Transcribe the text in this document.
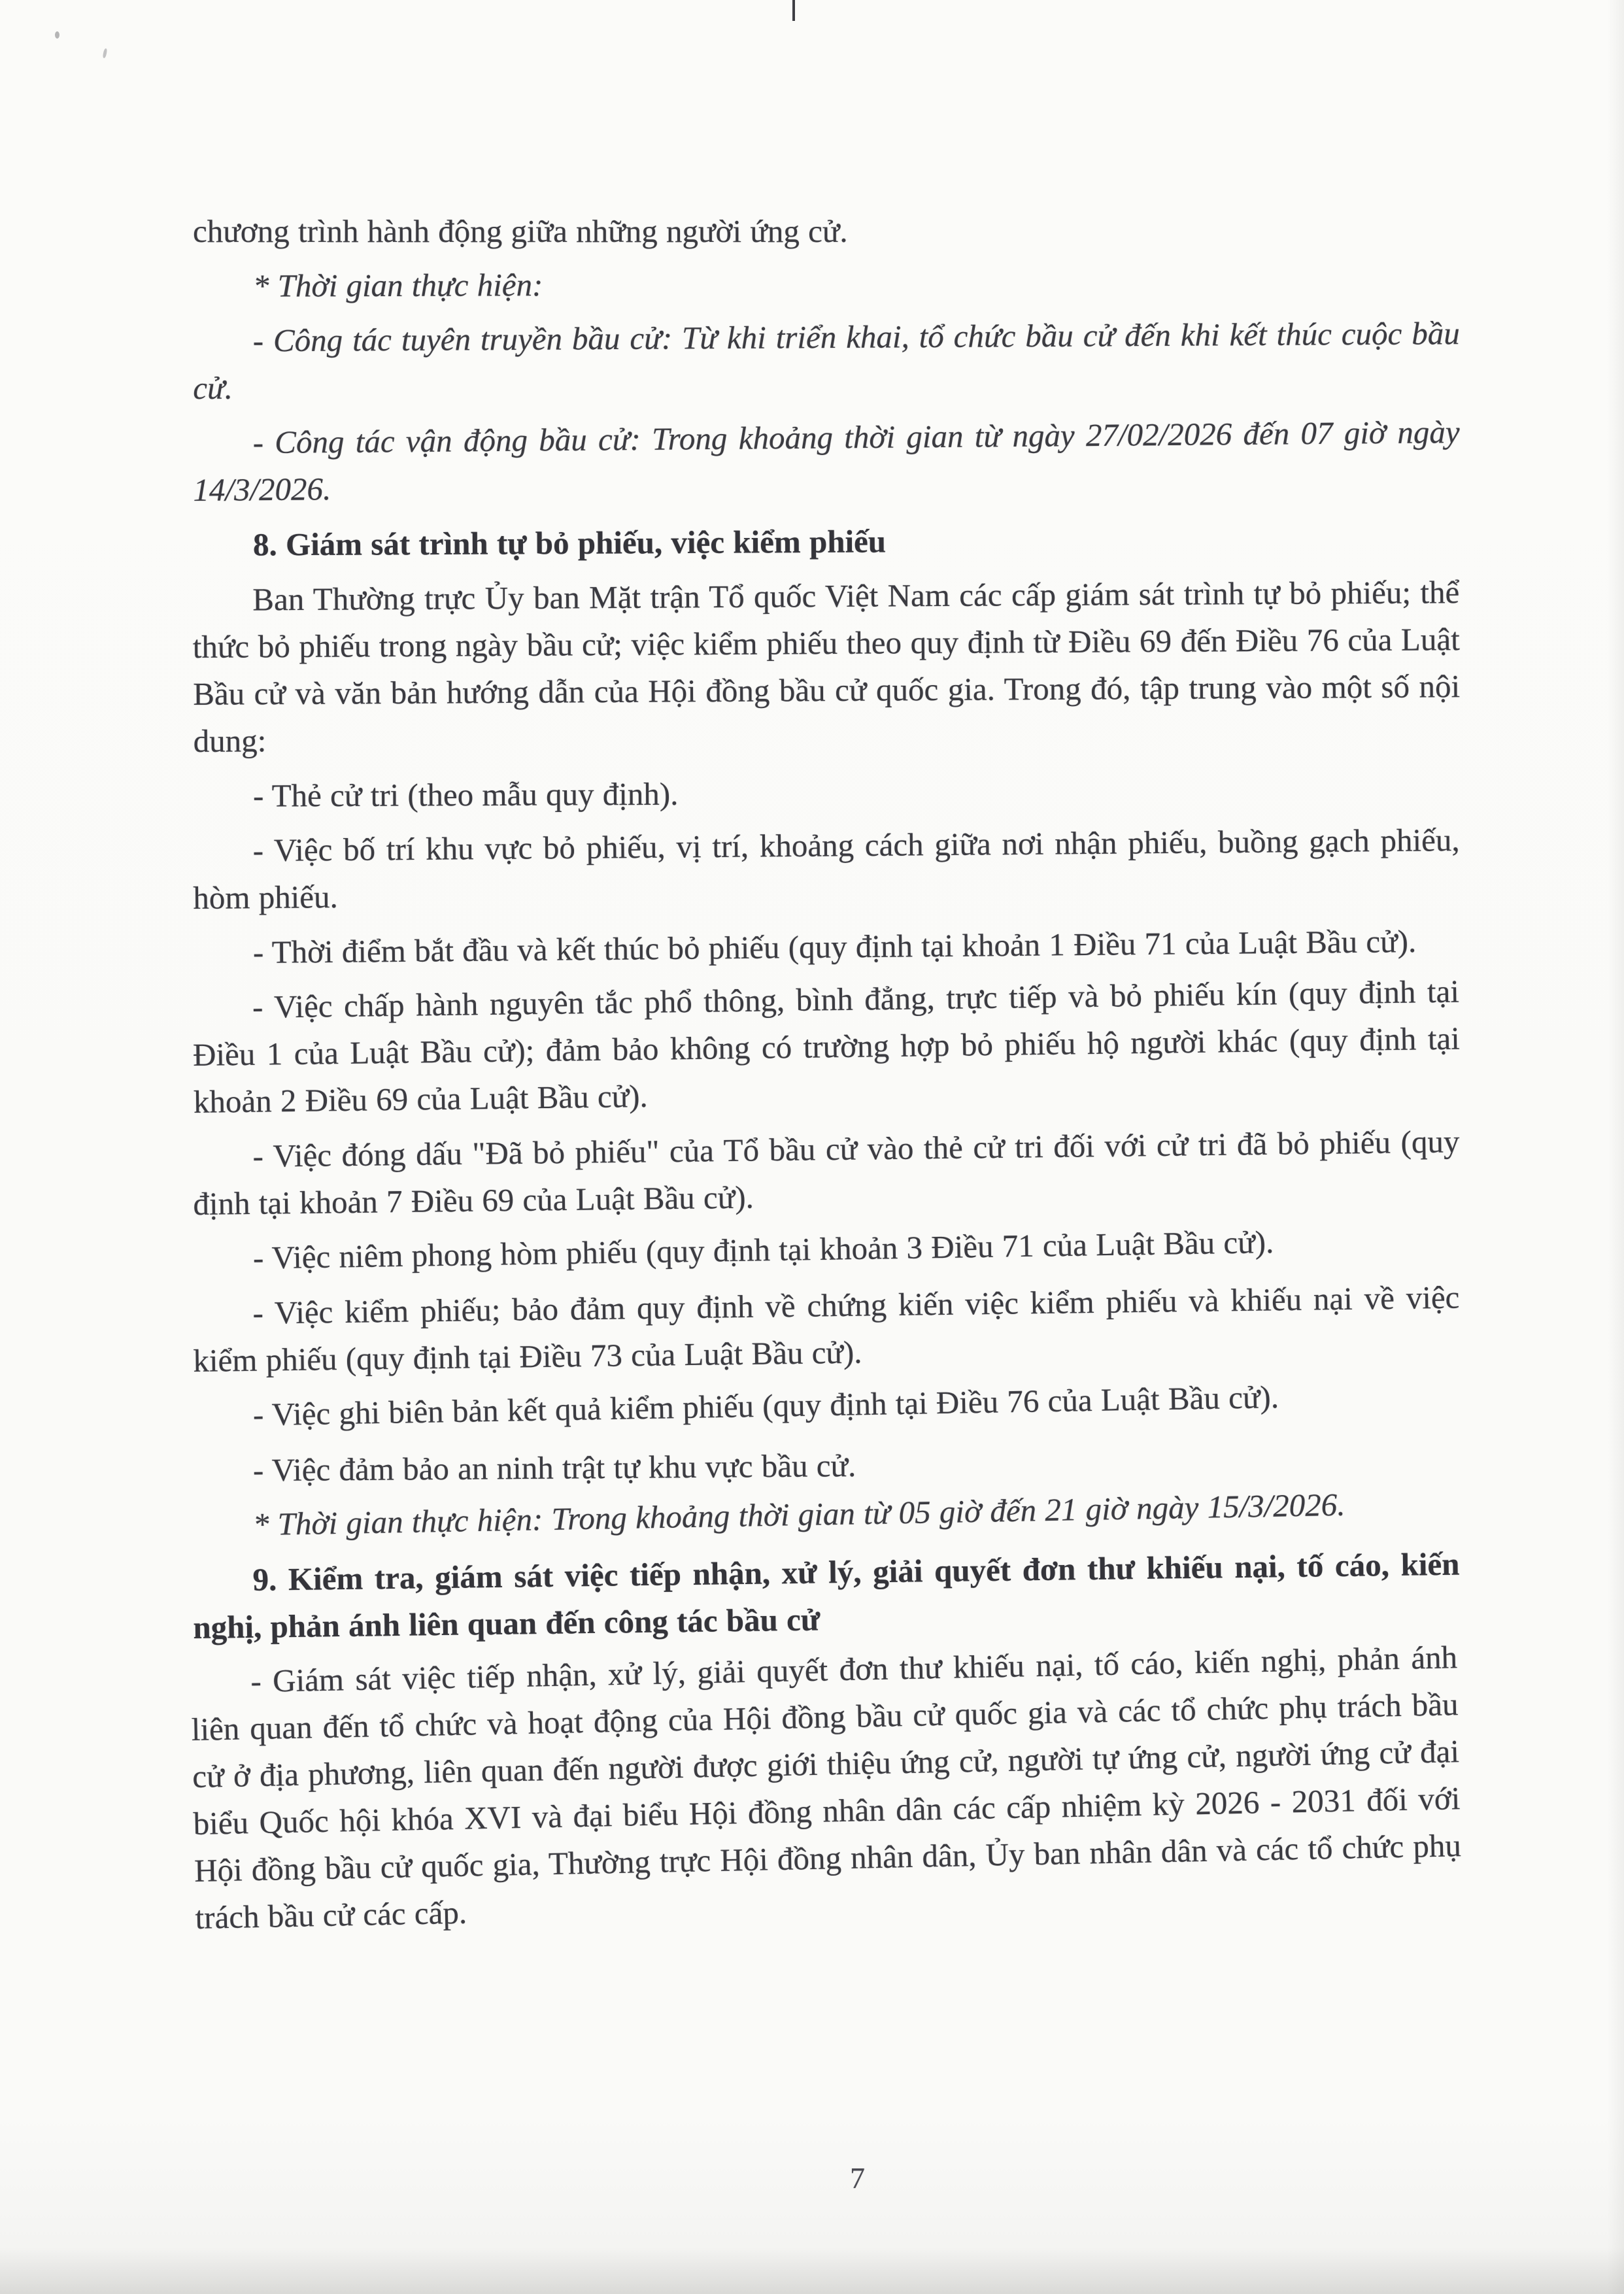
chương trình hành động giữa những người ứng cử.

* Thời gian thực hiện:

- Công tác tuyên truyền bầu cử: Từ khi triển khai, tổ chức bầu cử đến khi kết thúc cuộc bầu cử.

- Công tác vận động bầu cử: Trong khoảng thời gian từ ngày 27/02/2026 đến 07 giờ ngày 14/3/2026.

8. Giám sát trình tự bỏ phiếu, việc kiểm phiếu

Ban Thường trực Ủy ban Mặt trận Tổ quốc Việt Nam các cấp giám sát trình tự bỏ phiếu; thể thức bỏ phiếu trong ngày bầu cử; việc kiểm phiếu theo quy định từ Điều 69 đến Điều 76 của Luật Bầu cử và văn bản hướng dẫn của Hội đồng bầu cử quốc gia. Trong đó, tập trung vào một số nội dung:

- Thẻ cử tri (theo mẫu quy định).

- Việc bố trí khu vực bỏ phiếu, vị trí, khoảng cách giữa nơi nhận phiếu, buồng gạch phiếu, hòm phiếu.

- Thời điểm bắt đầu và kết thúc bỏ phiếu (quy định tại khoản 1 Điều 71 của Luật Bầu cử).

- Việc chấp hành nguyên tắc phổ thông, bình đẳng, trực tiếp và bỏ phiếu kín (quy định tại Điều 1 của Luật Bầu cử); đảm bảo không có trường hợp bỏ phiếu hộ người khác (quy định tại khoản 2 Điều 69 của Luật Bầu cử).

- Việc đóng dấu "Đã bỏ phiếu" của Tổ bầu cử vào thẻ cử tri đối với cử tri đã bỏ phiếu (quy định tại khoản 7 Điều 69 của Luật Bầu cử).

- Việc niêm phong hòm phiếu (quy định tại khoản 3 Điều 71 của Luật Bầu cử).

- Việc kiểm phiếu; bảo đảm quy định về chứng kiến việc kiểm phiếu và khiếu nại về việc kiểm phiếu (quy định tại Điều 73 của Luật Bầu cử).

- Việc ghi biên bản kết quả kiểm phiếu (quy định tại Điều 76 của Luật Bầu cử).

- Việc đảm bảo an ninh trật tự khu vực bầu cử.

* Thời gian thực hiện: Trong khoảng thời gian từ 05 giờ đến 21 giờ ngày 15/3/2026.

9. Kiểm tra, giám sát việc tiếp nhận, xử lý, giải quyết đơn thư khiếu nại, tố cáo, kiến nghị, phản ánh liên quan đến công tác bầu cử

- Giám sát việc tiếp nhận, xử lý, giải quyết đơn thư khiếu nại, tố cáo, kiến nghị, phản ánh liên quan đến tổ chức và hoạt động của Hội đồng bầu cử quốc gia và các tổ chức phụ trách bầu cử ở địa phương, liên quan đến người được giới thiệu ứng cử, người tự ứng cử, người ứng cử đại biểu Quốc hội khóa XVI và đại biểu Hội đồng nhân dân các cấp nhiệm kỳ 2026 - 2031 đối với Hội đồng bầu cử quốc gia, Thường trực Hội đồng nhân dân, Ủy ban nhân dân và các tổ chức phụ trách bầu cử các cấp.

7
